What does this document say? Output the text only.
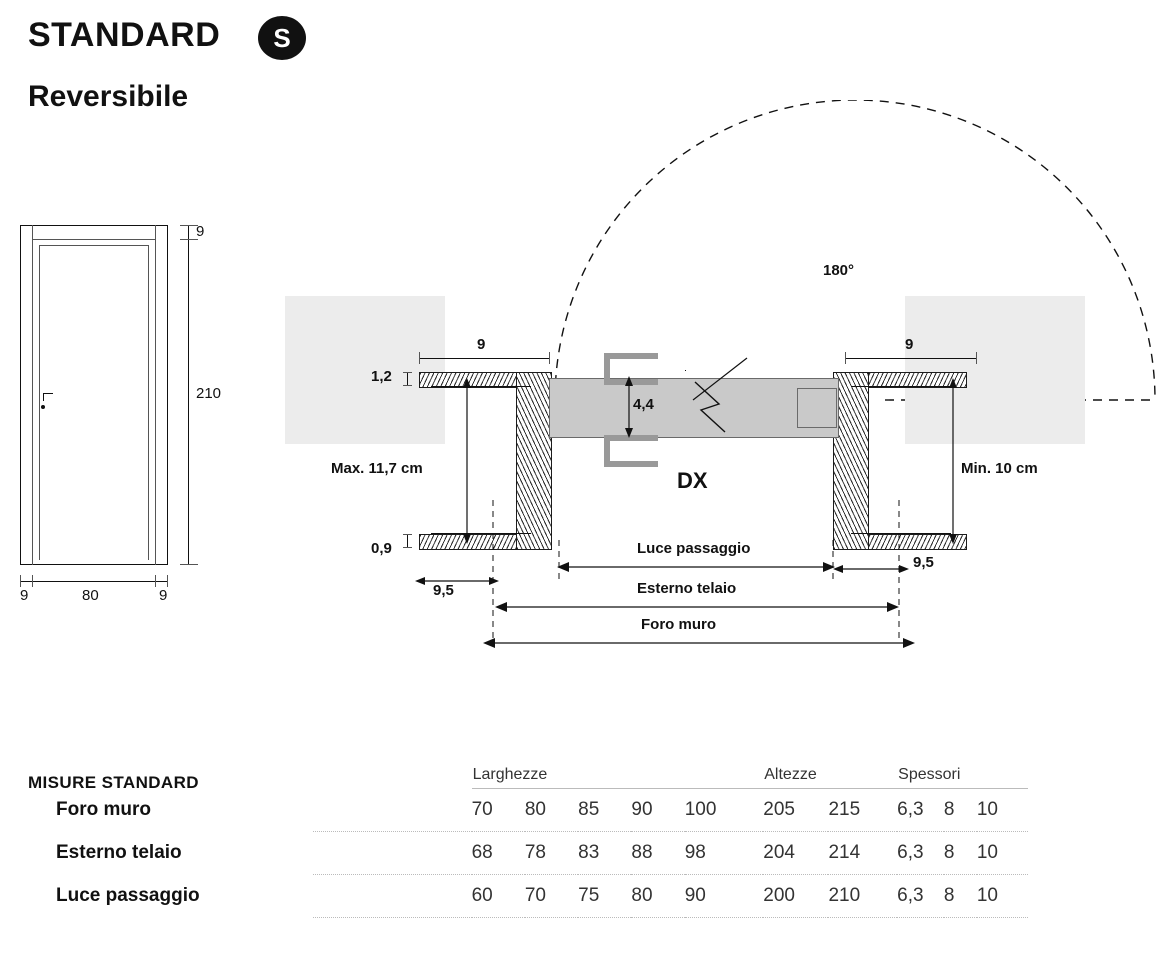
STANDARD	S
Reversibile
210
9
9	80	9
180°
DX
Max. 11,7 cm	Min. 10 cm
9	9
1,2
0,9
4,4
Luce passaggio
Esterno telaio
Foro muro
9,5
9,5
MISURE STANDARD
		Larghezze					Altezze		Spessori		

Foro muro	70	80	85	90	100	205	215	6,3	8	10

Esterno telaio	68	78	83	88	98	204	214	6,3	8	10

Luce passaggio	60	70	75	80	90	200	210	6,3	8	10
